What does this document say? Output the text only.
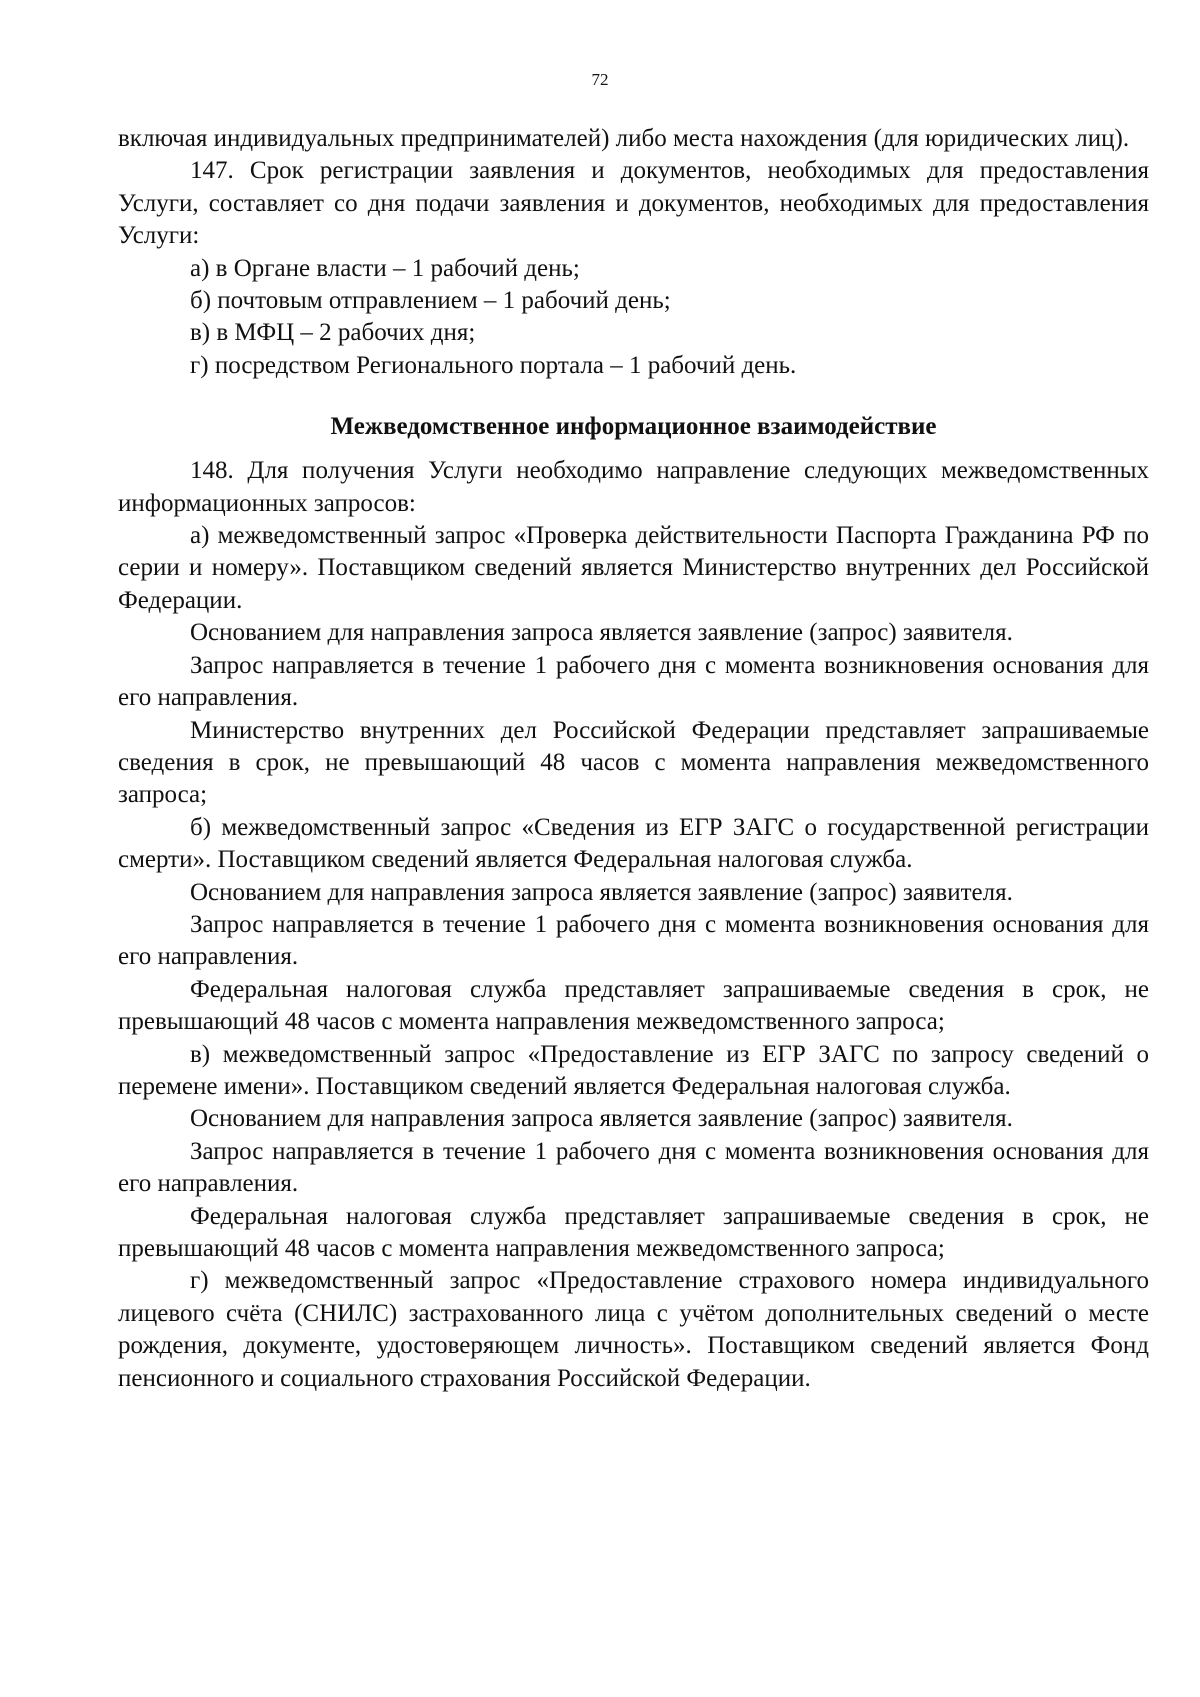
72

включая индивидуальных предпринимателей) либо места нахождения (для юридических лиц).

147. Срок регистрации заявления и документов, необходимых для предоставления Услуги, составляет со дня подачи заявления и документов, необходимых для предоставления Услуги:

а) в Органе власти – 1 рабочий день;

б) почтовым отправлением – 1 рабочий день;

в) в МФЦ – 2 рабочих дня;

г) посредством Регионального портала – 1 рабочий день.

Межведомственное информационное взаимодействие

148. Для получения Услуги необходимо направление следующих межведомственных информационных запросов:

а) межведомственный запрос «Проверка действительности Паспорта Гражданина РФ по серии и номеру». Поставщиком сведений является Министерство внутренних дел Российской Федерации.

Основанием для направления запроса является заявление (запрос) заявителя.

Запрос направляется в течение 1 рабочего дня с момента возникновения основания для его направления.

Министерство внутренних дел Российской Федерации представляет запрашиваемые сведения в срок, не превышающий 48 часов с момента направления межведомственного запроса;

б) межведомственный запрос «Сведения из ЕГР ЗАГС о государственной регистрации смерти». Поставщиком сведений является Федеральная налоговая служба.

Основанием для направления запроса является заявление (запрос) заявителя.

Запрос направляется в течение 1 рабочего дня с момента возникновения основания для его направления.

Федеральная налоговая служба представляет запрашиваемые сведения в срок, не превышающий 48 часов с момента направления межведомственного запроса;

в) межведомственный запрос «Предоставление из ЕГР ЗАГС по запросу сведений о перемене имени». Поставщиком сведений является Федеральная налоговая служба.

Основанием для направления запроса является заявление (запрос) заявителя.

Запрос направляется в течение 1 рабочего дня с момента возникновения основания для его направления.

Федеральная налоговая служба представляет запрашиваемые сведения в срок, не превышающий 48 часов с момента направления межведомственного запроса;

г) межведомственный запрос «Предоставление страхового номера индивидуального лицевого счёта (СНИЛС) застрахованного лица с учётом дополнительных сведений о месте рождения, документе, удостоверяющем личность». Поставщиком сведений является Фонд пенсионного и социального страхования Российской Федерации.
